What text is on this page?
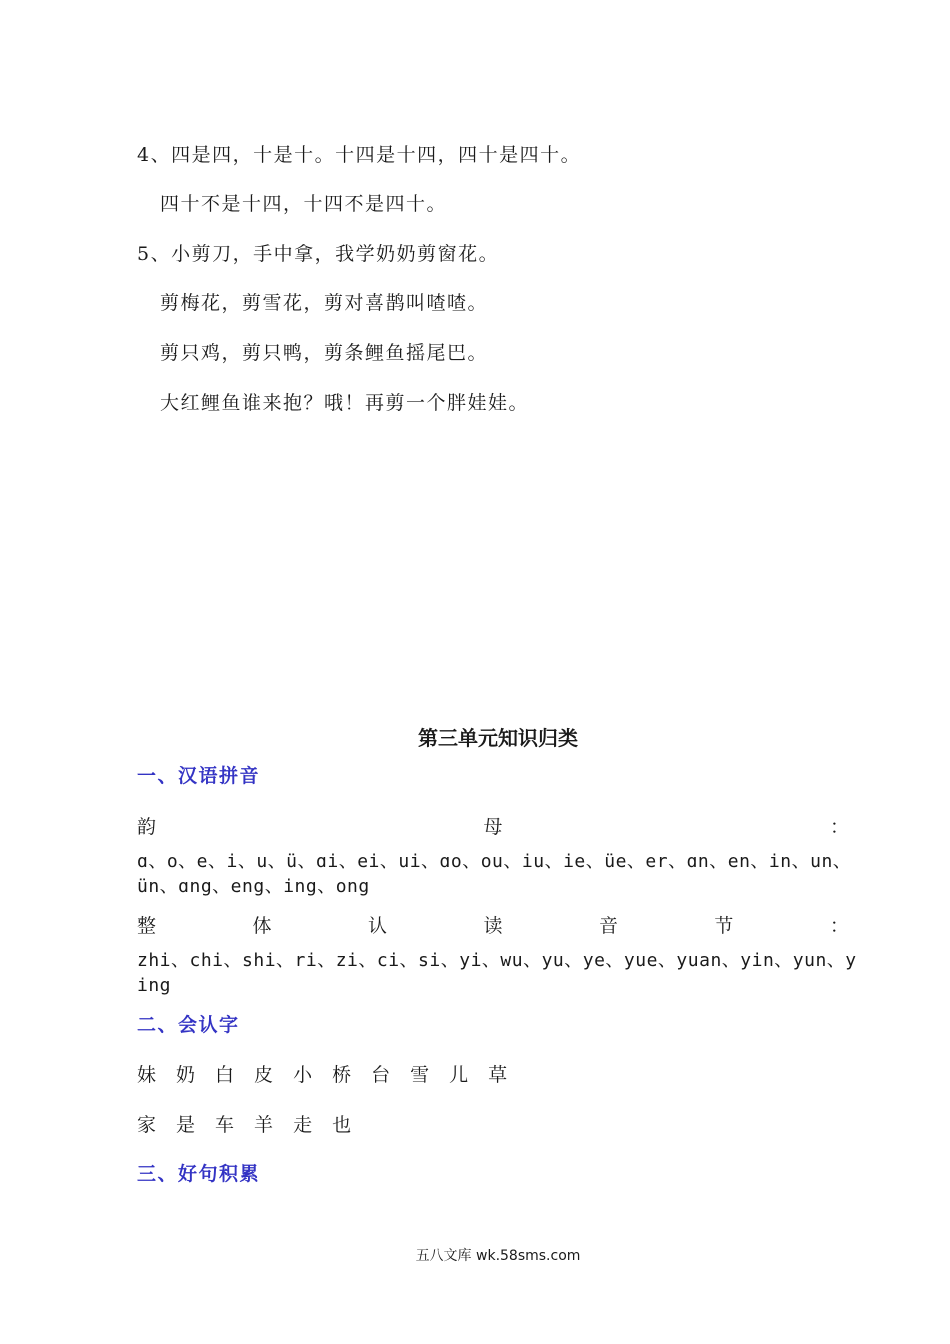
4、四是四，十是十。十四是十四，四十是四十。
四十不是十四，十四不是四十。
5、小剪刀，手中拿，我学奶奶剪窗花。
剪梅花，剪雪花，剪对喜鹊叫喳喳。
剪只鸡，剪只鸭，剪条鲤鱼摇尾巴。
大红鲤鱼谁来抱？哦！再剪一个胖娃娃。
第三单元知识归类
一、汉语拼音
韵	母	：
ɑ、o、e、i、u、ü、ɑi、ei、ui、ɑo、ou、iu、ie、üe、er、ɑn、en、in、un、ün、ɑng、eng、ing、ong
整	体	认	读	音	节	：
zhi、chi、shi、ri、zi、ci、si、yi、wu、yu、ye、yue、yuan、yin、yun、ying
二、会认字
妹 奶 白 皮 小 桥 台 雪 儿 草
家 是 车 羊 走 也
三、好句积累
五八文库 wk.58sms.com
